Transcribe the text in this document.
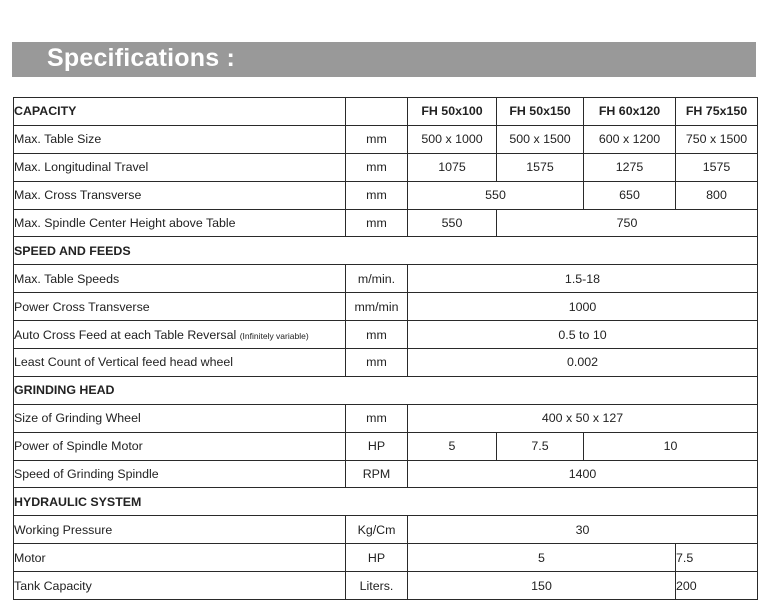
Specifications :
CAPACITY		FH 50x100	FH 50x150	FH 60x120	FH 75x150
Max. Table Size	mm	500 x 1000	500 x 1500	600 x 1200	750 x 1500
Max. Longitudinal Travel	mm	1075	1575	1275	1575
Max. Cross Transverse	mm	550		650	800
Max. Spindle Center Height above Table	mm	550	750		
SPEED AND FEEDS					
Max. Table Speeds	m/min.	1.5-18			
Power Cross Transverse	mm/min	1000			
Auto Cross Feed at each Table Reversal (Infinitely variable)	mm	0.5 to 10			
Least Count of Vertical feed head wheel	mm	0.002			
GRINDING HEAD					
Size of Grinding Wheel	mm	400 x 50 x 127			
Power of Spindle Motor	HP	5	7.5	10	
Speed of Grinding Spindle	RPM	1400			
HYDRAULIC SYSTEM					
Working Pressure	Kg/Cm	30			
Motor	HP	5			7.5
Tank Capacity	Liters.	150			200
